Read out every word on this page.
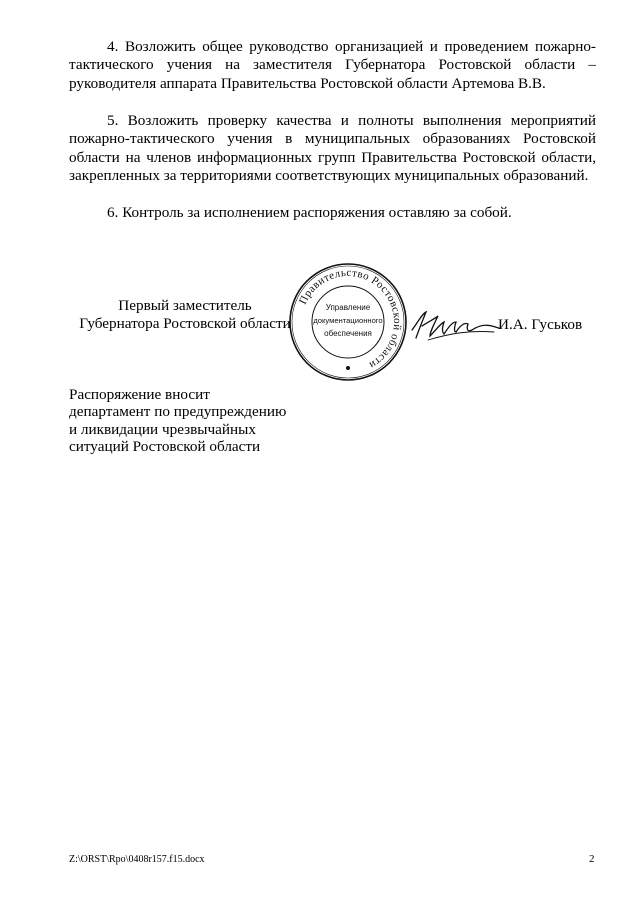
4. Возложить общее руководство организацией и проведением пожарно-тактического учения на заместителя Губернатора Ростовской области – руководителя аппарата Правительства Ростовской области Артемова В.В.
5. Возложить проверку качества и полноты выполнения мероприятий пожарно-тактического учения в муниципальных образованиях Ростовской области на членов информационных групп Правительства Ростовской области, закрепленных за территориями соответствующих муниципальных образований.
6. Контроль за исполнением распоряжения оставляю за собой.
Первый заместитель
Губернатора Ростовской области
Правительство Ростовской области
Управление
документационного
обеспечения
И.А. Гуськов
Распоряжение вносит
департамент по предупреждению
и ликвидации чрезвычайных
ситуаций Ростовской области
Z:\ORST\Rpo\0408r157.f15.docx	2
